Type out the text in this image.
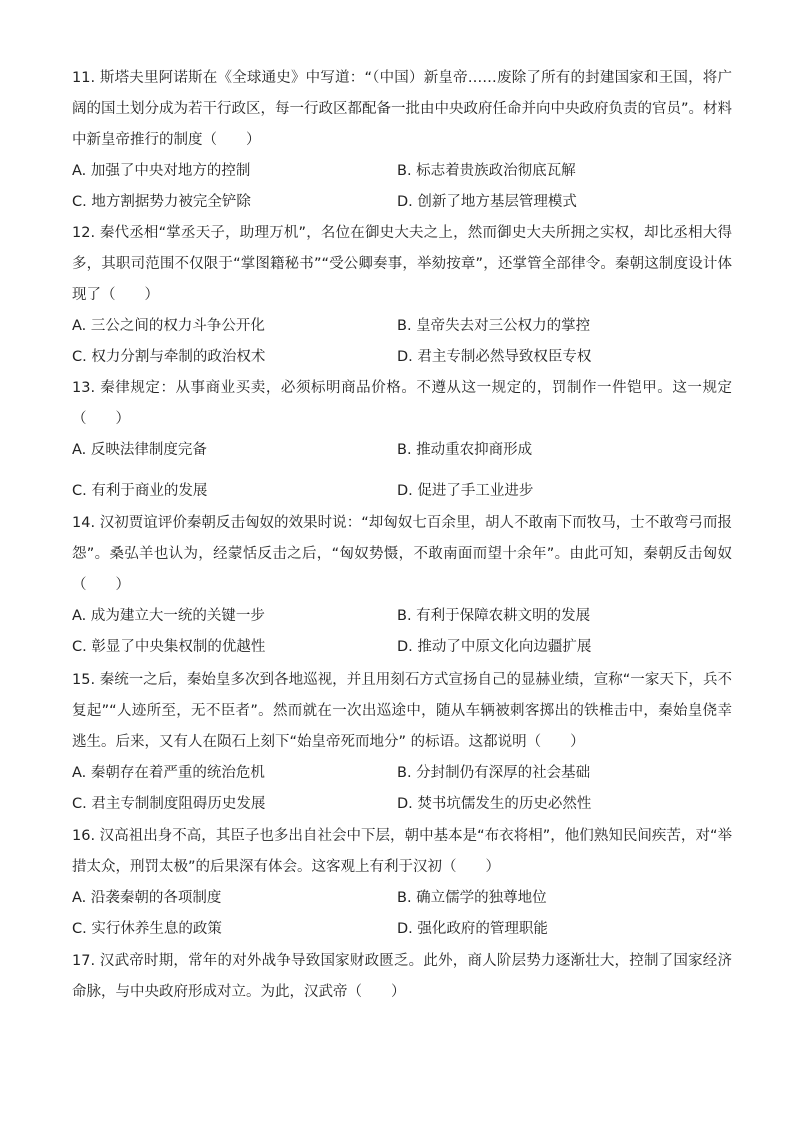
11. 斯塔夫里阿诺斯在《全球通史》中写道：“（中国）新皇帝……废除了所有的封建国家和王国，将广阔的国土划分成为若干行政区，每一行政区都配备一批由中央政府任命并向中央政府负责的官员”。材料中新皇帝推行的制度（　　）

A. 加强了中央对地方的控制	B. 标志着贵族政治彻底瓦解
C. 地方割据势力被完全铲除	D. 创新了地方基层管理模式

12. 秦代丞相“掌丞天子，助理万机”，名位在御史大夫之上，然而御史大夫所拥之实权，却比丞相大得多，其职司范围不仅限于“掌图籍秘书”“受公卿奏事，举劾按章”，还掌管全部律令。秦朝这制度设计体现了（　　）

A. 三公之间的权力斗争公开化	B. 皇帝失去对三公权力的掌控
C. 权力分割与牵制的政治权术	D. 君主专制必然导致权臣专权

13. 秦律规定：从事商业买卖，必须标明商品价格。不遵从这一规定的，罚制作一件铠甲。这一规定（　　）

A. 反映法律制度完备	B. 推动重农抑商形成
C. 有利于商业的发展	D. 促进了手工业进步

14. 汉初贾谊评价秦朝反击匈奴的效果时说：“却匈奴七百余里，胡人不敢南下而牧马，士不敢弯弓而报怨”。桑弘羊也认为，经蒙恬反击之后，“匈奴势慑，不敢南面而望十余年”。由此可知，秦朝反击匈奴（　　）

A. 成为建立大一统的关键一步	B. 有利于保障农耕文明的发展
C. 彰显了中央集权制的优越性	D. 推动了中原文化向边疆扩展

15. 秦统一之后，秦始皇多次到各地巡视，并且用刻石方式宣扬自己的显赫业绩，宣称“一家天下，兵不复起”“人迹所至，无不臣者”。然而就在一次出巡途中，随从车辆被刺客掷出的铁椎击中，秦始皇侥幸逃生。后来，又有人在陨石上刻下“始皇帝死而地分” 的标语。这都说明（　　）

A. 秦朝存在着严重的统治危机	B. 分封制仍有深厚的社会基础
C. 君主专制制度阻碍历史发展	D. 焚书坑儒发生的历史必然性

16. 汉高祖出身不高，其臣子也多出自社会中下层，朝中基本是“布衣将相”，他们熟知民间疾苦，对“举措太众，刑罚太极”的后果深有体会。这客观上有利于汉初（　　）

A. 沿袭秦朝的各项制度	B. 确立儒学的独尊地位
C. 实行休养生息的政策	D. 强化政府的管理职能

17. 汉武帝时期，常年的对外战争导致国家财政匮乏。此外，商人阶层势力逐渐壮大，控制了国家经济命脉，与中央政府形成对立。为此，汉武帝（　　）
